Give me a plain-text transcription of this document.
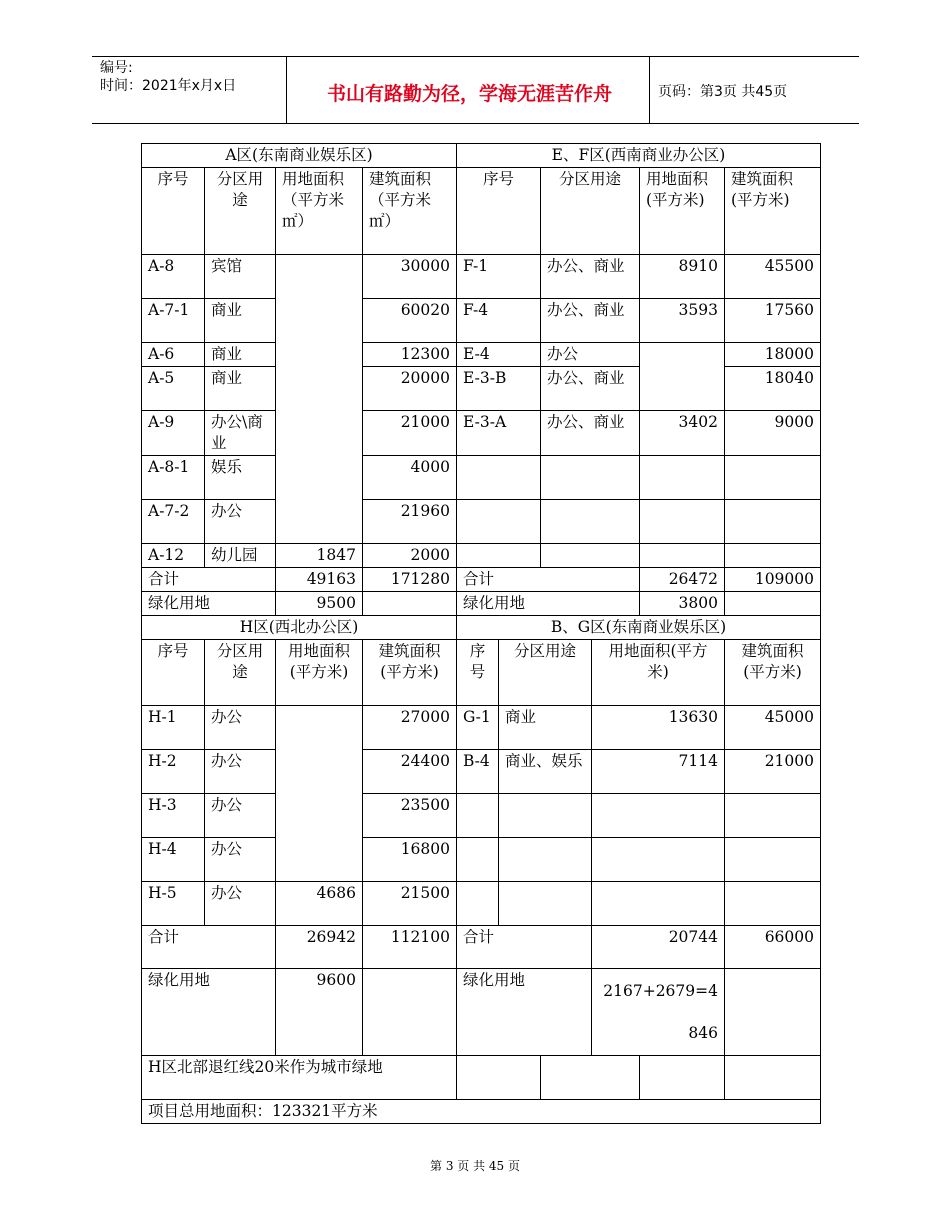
编号:
时间：2021年x月x日	书山有路勤为径，学海无涯苦作舟	页码：第3页 共45页
A区(东南商业娱乐区)				E、F区(西南商业办公区)					
序号	分区用途	用地面积（平方米㎡）	建筑面积（平方米㎡）	序号		分区用途		用地面积(平方米)	建筑面积(平方米)
A-8	宾馆		30000	F-1		办公、商业		8910	45500
A-7-1	商业		60020	F-4		办公、商业		3593	17560
A-6	商业		12300	E-4		办公			18000
A-5	商业		20000	E-3-B		办公、商业			18040
A-9	办公\商业		21000	E-3-A		办公、商业		3402	9000
A-8-1	娱乐		4000						
A-7-2	办公		21960						
A-12	幼儿园	1847	2000						
合计		49163	171280	合计				26472	109000
绿化用地		9500		绿化用地				3800	
H区(西北办公区)				B、G区(东南商业娱乐区)					
序号	分区用途	用地面积(平方米)	建筑面积(平方米)	序号	分区用途		用地面积(平方米)		建筑面积(平方米)
H-1	办公		27000	G-1	商业		13630		45000
H-2	办公		24400	B-4	商业、娱乐		7114		21000
H-3	办公		23500						
H-4	办公		16800						
H-5	办公	4686	21500						
合计		26942	112100	合计			20744		66000
绿化用地		9600		绿化用地			2167+2679=4846		
H区北部退红线20米作为城市绿地									
项目总用地面积：123321平方米									
第 3 页 共 45 页
